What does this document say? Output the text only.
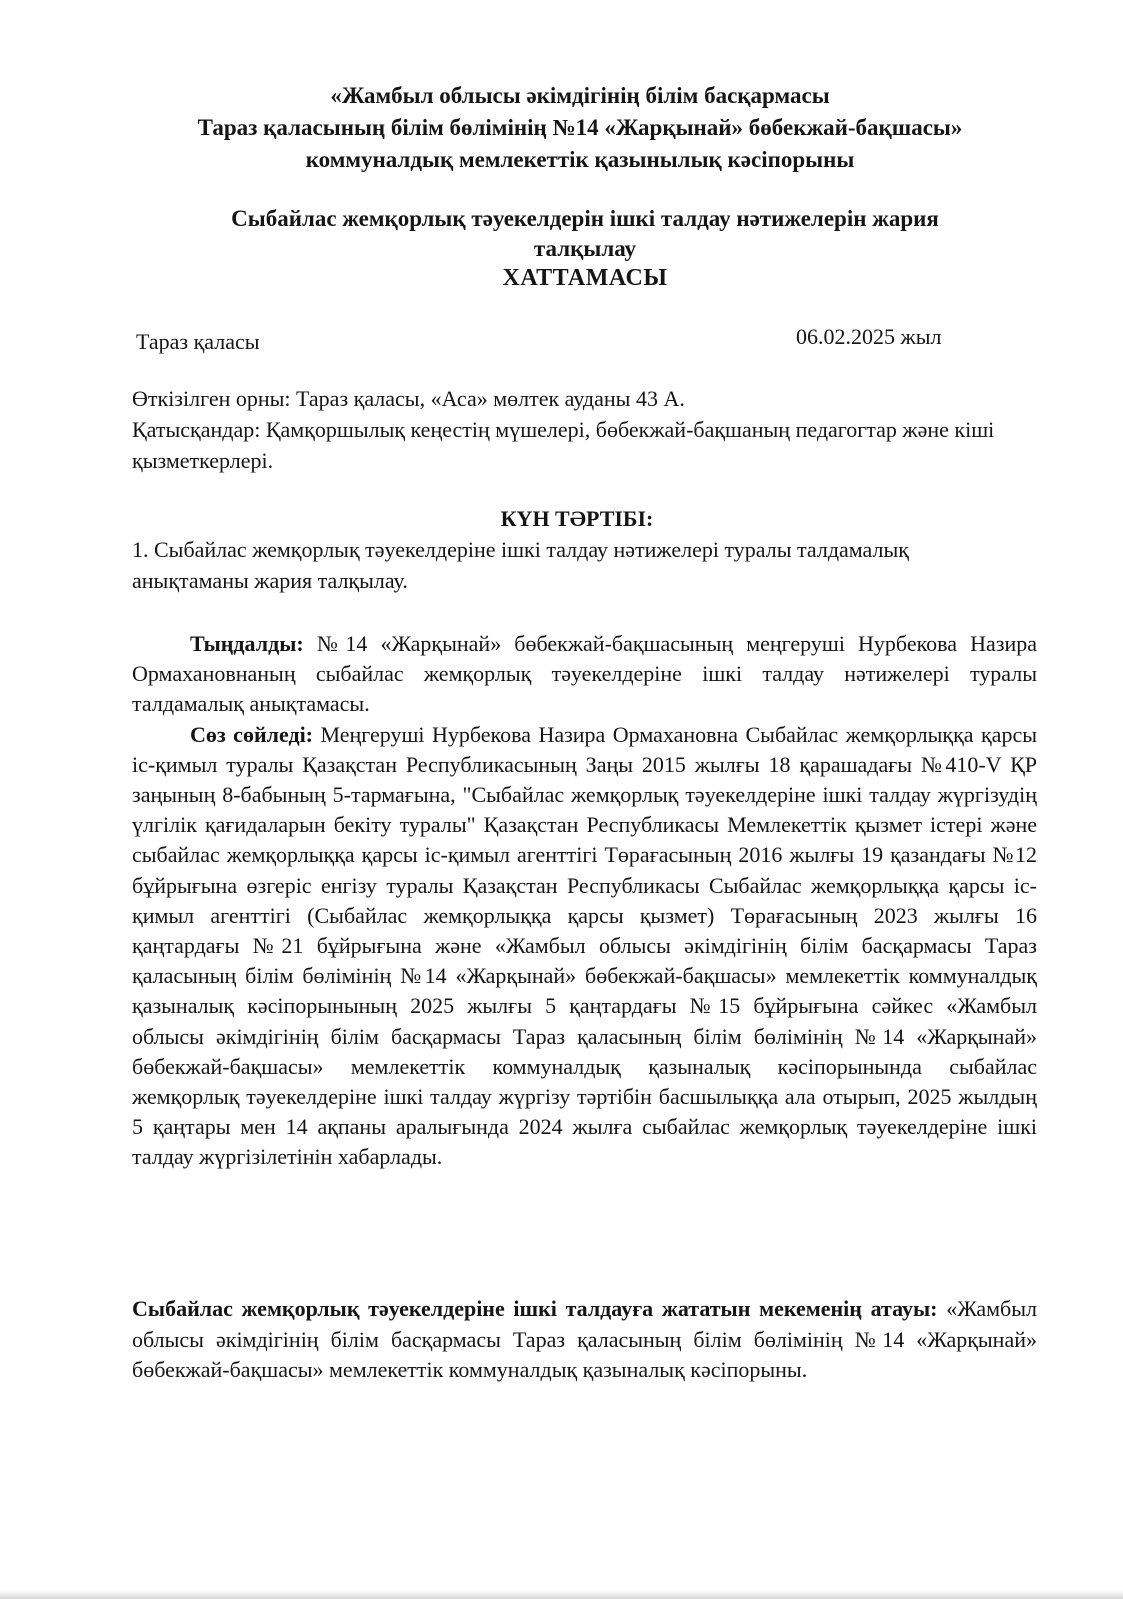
«Жамбыл облысы әкімдігінің білім басқармасы
Тараз қаласының білім бөлімінің №14 «Жарқынай» бөбекжай-бақшасы»
коммуналдық мемлекеттік қазынылық кәсіпорыны
Сыбайлас жемқорлық тәуекелдерін ішкі талдау нәтижелерін жария
талқылау
ХАТТАМАСЫ
Тараз қаласы	06.02.2025 жыл

Өткізілген орны: Тараз қаласы, «Аса» мөлтек ауданы 43 А.

Қатысқандар: Қамқоршылық кеңестің мүшелері, бөбекжай-бақшаның педагогтар және кіші қызметкерлері.

КҮН ТӘРТІБІ:
1. Сыбайлас жемқорлық тәуекелдеріне ішкі талдау нәтижелері туралы талдамалық анықтаманы жария талқылау.

Тыңдалды: №14 «Жарқынай» бөбекжай-бақшасының меңгеруші Нурбекова Назира Ормахановнаның сыбайлас жемқорлық тәуекелдеріне ішкі талдау нәтижелері туралы талдамалық анықтамасы.

Сөз сөйледі: Меңгеруші Нурбекова Назира Ормахановна Сыбайлас жемқорлыққа қарсы іс-қимыл туралы Қазақстан Республикасының Заңы 2015 жылғы 18 қарашадағы №410-V ҚР заңының 8-бабының 5-тармағына, "Сыбайлас жемқорлық тәуекелдеріне ішкі талдау жүргізудің үлгілік қағидаларын бекіту туралы" Қазақстан Республикасы Мемлекеттік қызмет істері және сыбайлас жемқорлыққа қарсы іс-қимыл агенттігі Төрағасының 2016 жылғы 19 қазандағы №12 бұйрығына өзгеріс енгізу туралы Қазақстан Республикасы Сыбайлас жемқорлыққа қарсы іс-қимыл агенттігі (Сыбайлас жемқорлыққа қарсы қызмет) Төрағасының 2023 жылғы 16 қаңтардағы №21 бұйрығына және «Жамбыл облысы әкімдігінің білім басқармасы Тараз қаласының білім бөлімінің №14 «Жарқынай» бөбекжай-бақшасы» мемлекеттік коммуналдық қазыналық кәсіпорынының 2025 жылғы 5 қаңтардағы №15 бұйрығына сәйкес «Жамбыл облысы әкімдігінің білім басқармасы Тараз қаласының білім бөлімінің №14 «Жарқынай» бөбекжай-бақшасы» мемлекеттік коммуналдық қазыналық кәсіпорынында сыбайлас жемқорлық тәуекелдеріне ішкі талдау жүргізу тәртібін басшылыққа ала отырып, 2025 жылдың 5 қаңтары мен 14 ақпаны аралығында 2024 жылға сыбайлас жемқорлық тәуекелдеріне ішкі талдау жүргізілетінін хабарлады.

Сыбайлас жемқорлық тәуекелдеріне ішкі талдауға жататын мекеменің атауы: «Жамбыл облысы әкімдігінің білім басқармасы Тараз қаласының білім бөлімінің №14 «Жарқынай» бөбекжай-бақшасы» мемлекеттік коммуналдық қазыналық кәсіпорыны.
